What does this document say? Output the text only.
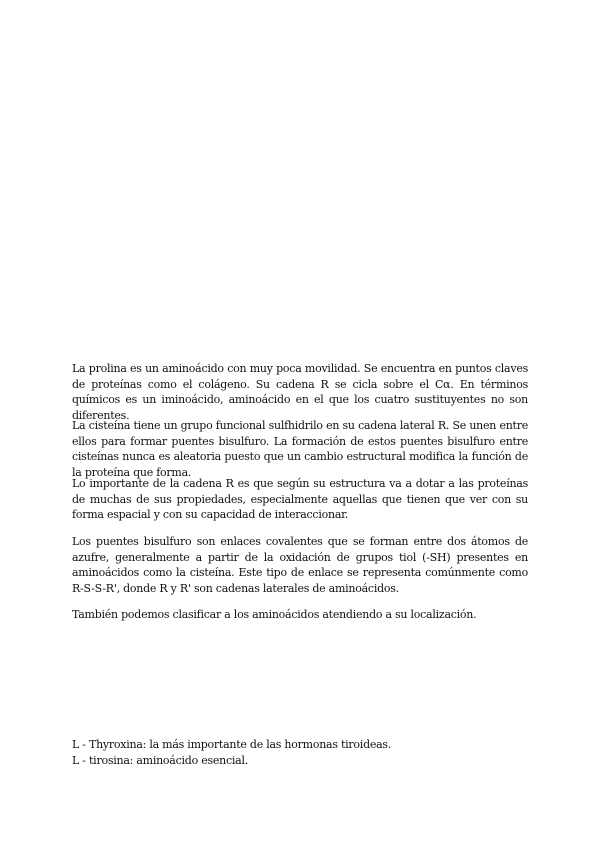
La prolina es un aminoácido con muy poca movilidad. Se encuentra en puntos claves de proteínas como el colágeno. Su cadena R se cicla sobre el Cα. En términos químicos es un iminoácido, aminoácido en el que los cuatro sustituyentes no son diferentes.

La cisteína tiene un grupo funcional sulfhidrilo en su cadena lateral R. Se unen entre ellos para formar puentes bisulfuro. La formación de estos puentes bisulfuro entre cisteínas nunca es aleatoria puesto que un cambio estructural modifica la función de la proteína que forma.

Lo importante de la cadena R es que según su estructura va a dotar a las proteínas de muchas de sus propiedades, especialmente aquellas que tienen que ver con su forma espacial y con su capacidad de interaccionar.

Los puentes bisulfuro son enlaces covalentes que se forman entre dos átomos de azufre, generalmente a partir de la oxidación de grupos tiol (-SH) presentes en aminoácidos como la cisteína. Este tipo de enlace se representa comúnmente como R-S-S-R', donde R y R' son cadenas laterales de aminoácidos.

También podemos clasificar a los aminoácidos atendiendo a su localización.

L - Thyroxina: la más importante de las hormonas tiroideas.
L - tirosina: aminoácido esencial.
